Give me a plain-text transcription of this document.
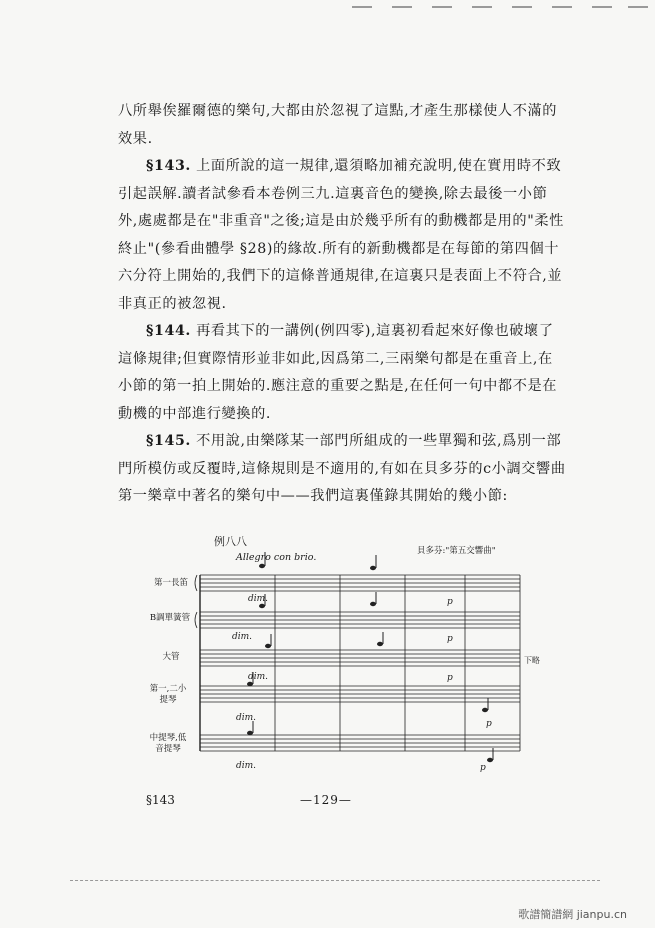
八所舉俟羅爾德的樂句,大都由於忽視了這點,才產生那樣使人不滿的效果.

§143. 上面所說的這一規律,還須略加補充說明,使在實用時不致引起誤解.讀者試參看本卷例三九.這裏音色的變換,除去最後一小節外,處處都是在"非重音"之後;這是由於幾乎所有的動機都是用的"柔性終止"(參看曲體學 §28)的緣故.所有的新動機都是在每節的第四個十六分符上開始的,我們下的這條普通規律,在這裏只是表面上不符合,並非真正的被忽視.

§144. 再看其下的一講例(例四零),這裏初看起來好像也破壞了這條規律;但實際情形並非如此,因爲第二,三兩樂句都是在重音上,在小節的第一拍上開始的.應注意的重要之點是,在任何一句中都不是在動機的中部進行變換的.

§145. 不用說,由樂隊某一部門所組成的一些單獨和弦,爲別一部門所模仿或反覆時,這條規則是不適用的,有如在貝多芬的c小調交響曲第一樂章中著名的樂句中——我們這裏僅錄其開始的幾小節:

例八八
Allegro con brio.
貝多芬:"第五交響曲"
第一長笛
B調單簧管
大管
第一,二小提琴
中提琴,低音提琴
dim.
dim.
dim.
dim.
dim.
p
p
p
p
p
下略
§143	—129—
歌譜簡譜網 jianpu.cn
